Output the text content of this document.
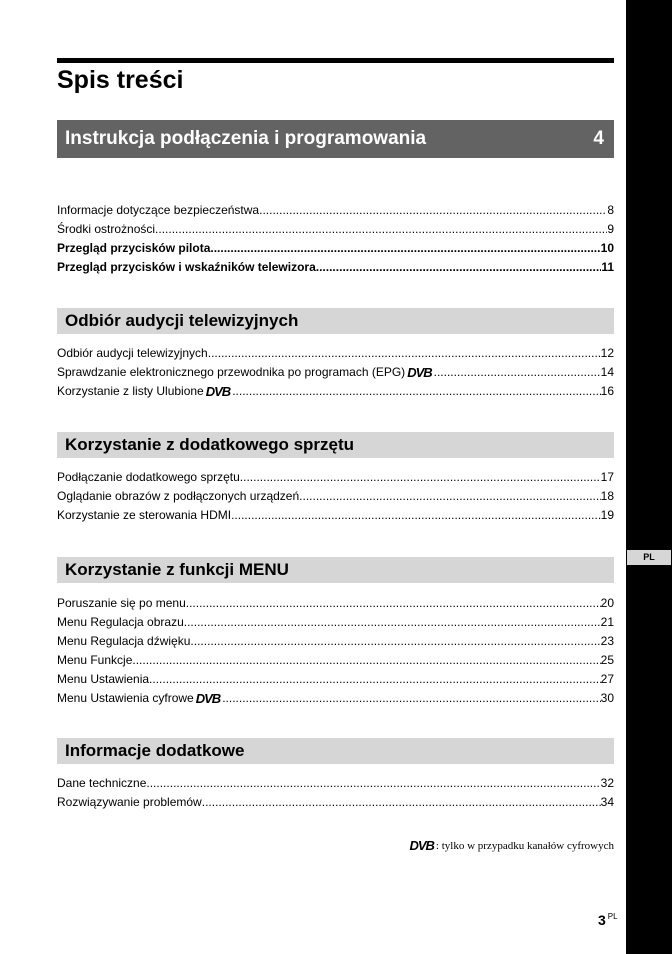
PL
Spis treści
Instrukcja podłączenia i programowania	4
Informacje dotyczące bezpieczeństwa .....	8
Środki ostrożności .....	9
Przegląd przycisków pilota .....	10
Przegląd przycisków i wskaźników telewizora .....	11
Odbiór audycji telewizyjnych
Odbiór audycji telewizyjnych .....	12
Sprawdzanie elektronicznego przewodnika po programach (EPG) DVB .....	14
Korzystanie z listy Ulubione DVB .....	16
Korzystanie z dodatkowego sprzętu
Podłączanie dodatkowego sprzętu .....	17
Oglądanie obrazów z podłączonych urządzeń .....	18
Korzystanie ze sterowania HDMI .....	19
Korzystanie z funkcji MENU
Poruszanie się po menu .....	20
Menu Regulacja obrazu .....	21
Menu Regulacja dźwięku .....	23
Menu Funkcje .....	25
Menu Ustawienia .....	27
Menu Ustawienia cyfrowe DVB .....	30
Informacje dodatkowe
Dane techniczne .....	32
Rozwiązywanie problemów .....	34
DVB : tylko w przypadku kanałów cyfrowych
3 $^{PL}$
